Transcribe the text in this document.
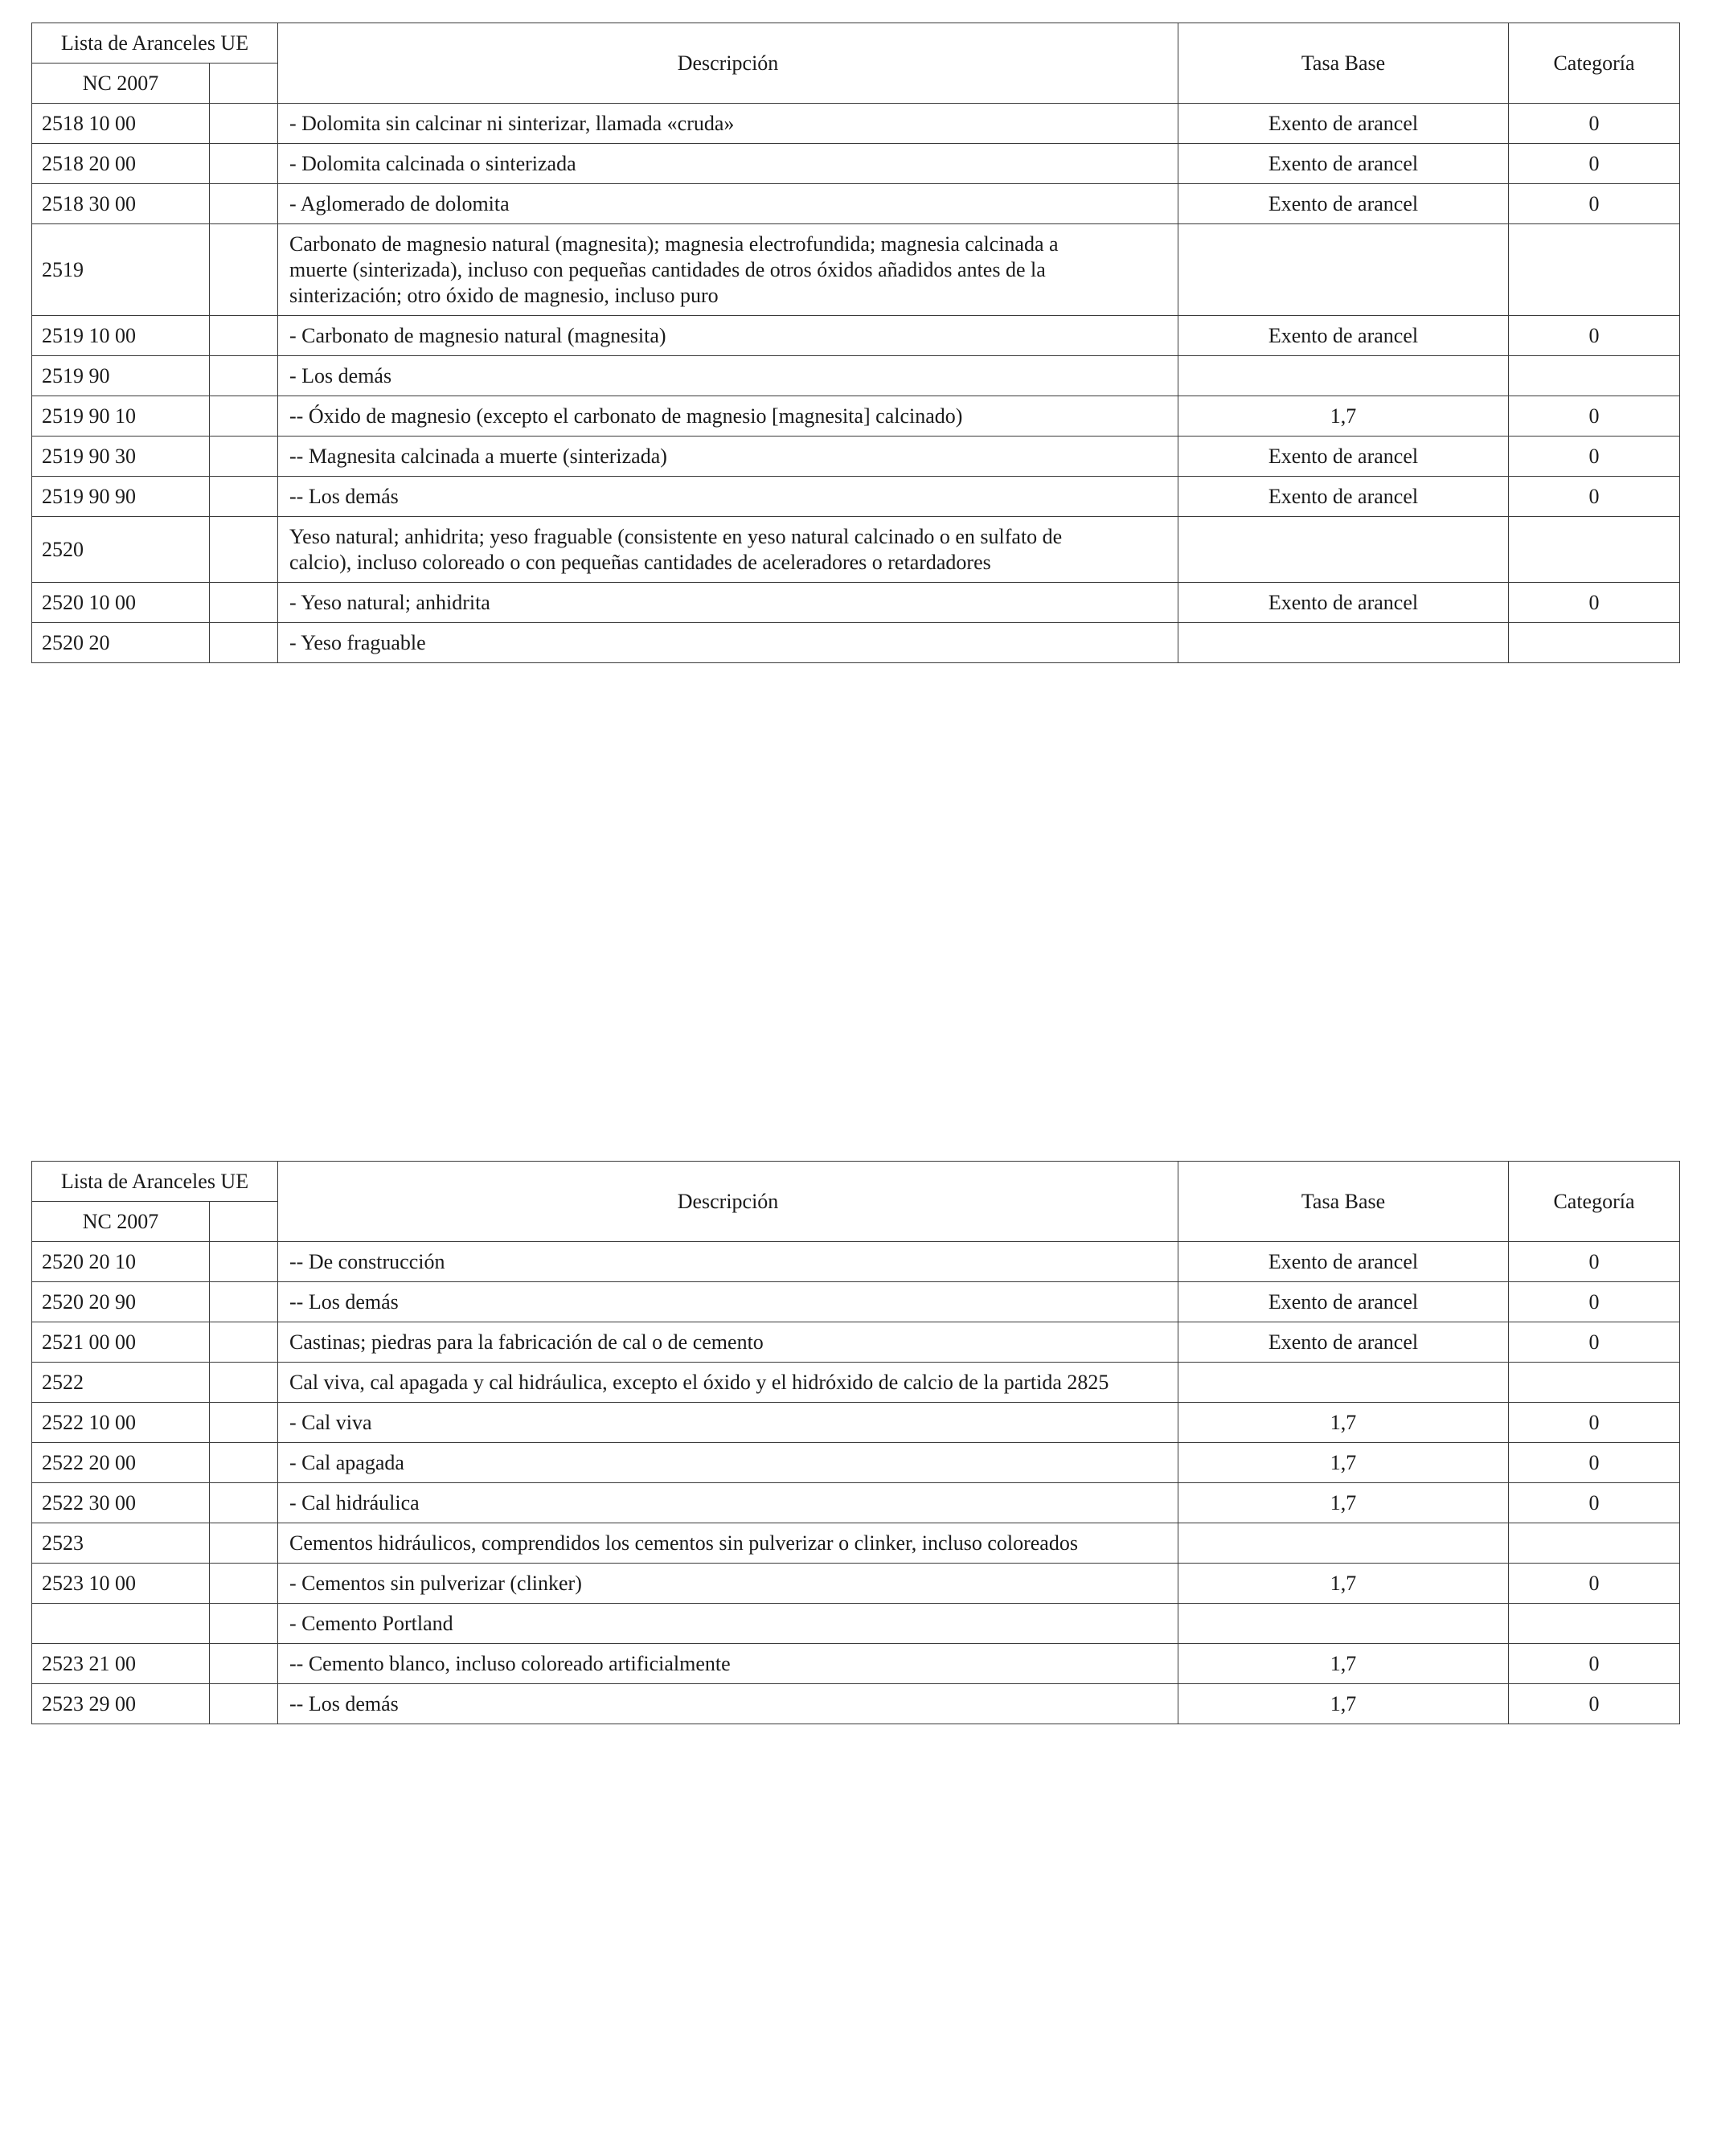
Lista de Aranceles UE		Descripción	Tasa Base	Categoría
NC 2007				
2518 10 00		- Dolomita sin calcinar ni sinterizar, llamada «cruda»	Exento de arancel	0
2518 20 00		- Dolomita calcinada o sinterizada	Exento de arancel	0
2518 30 00		- Aglomerado de dolomita	Exento de arancel	0
2519		Carbonato de magnesio natural (magnesita); magnesia electrofundida; magnesia calcinada a
muerte (sinterizada), incluso con pequeñas cantidades de otros óxidos añadidos antes de la
sinterización; otro óxido de magnesio, incluso puro		

2519 10 00		- Carbonato de magnesio natural (magnesita)	Exento de arancel	0
2519 90		- Los demás		

2519 90 10		-- Óxido de magnesio (excepto el carbonato de magnesio [magnesita] calcinado)	1,7	0
2519 90 30		-- Magnesita calcinada a muerte (sinterizada)	Exento de arancel	0
2519 90 90		-- Los demás	Exento de arancel	0
2520		Yeso natural; anhidrita; yeso fraguable (consistente en yeso natural calcinado o en sulfato de
calcio), incluso coloreado o con pequeñas cantidades de aceleradores o retardadores		

2520 10 00		- Yeso natural; anhidrita	Exento de arancel	0
2520 20		- Yeso fraguable		

Lista de Aranceles UE		Descripción	Tasa Base	Categoría
NC 2007				
2520 20 10		-- De construcción	Exento de arancel	0
2520 20 90		-- Los demás	Exento de arancel	0
2521 00 00		Castinas; piedras para la fabricación de cal o de cemento	Exento de arancel	0
2522		Cal viva, cal apagada y cal hidráulica, excepto el óxido y el hidróxido de calcio de la partida 2825		

2522 10 00		- Cal viva	1,7	0
2522 20 00		- Cal apagada	1,7	0
2522 30 00		- Cal hidráulica	1,7	0
2523		Cementos hidráulicos, comprendidos los cementos sin pulverizar o clinker, incluso coloreados		

2523 10 00		- Cementos sin pulverizar (clinker)	1,7	0

		- Cemento Portland		

2523 21 00		-- Cemento blanco, incluso coloreado artificialmente	1,7	0
2523 29 00		-- Los demás	1,7	0
